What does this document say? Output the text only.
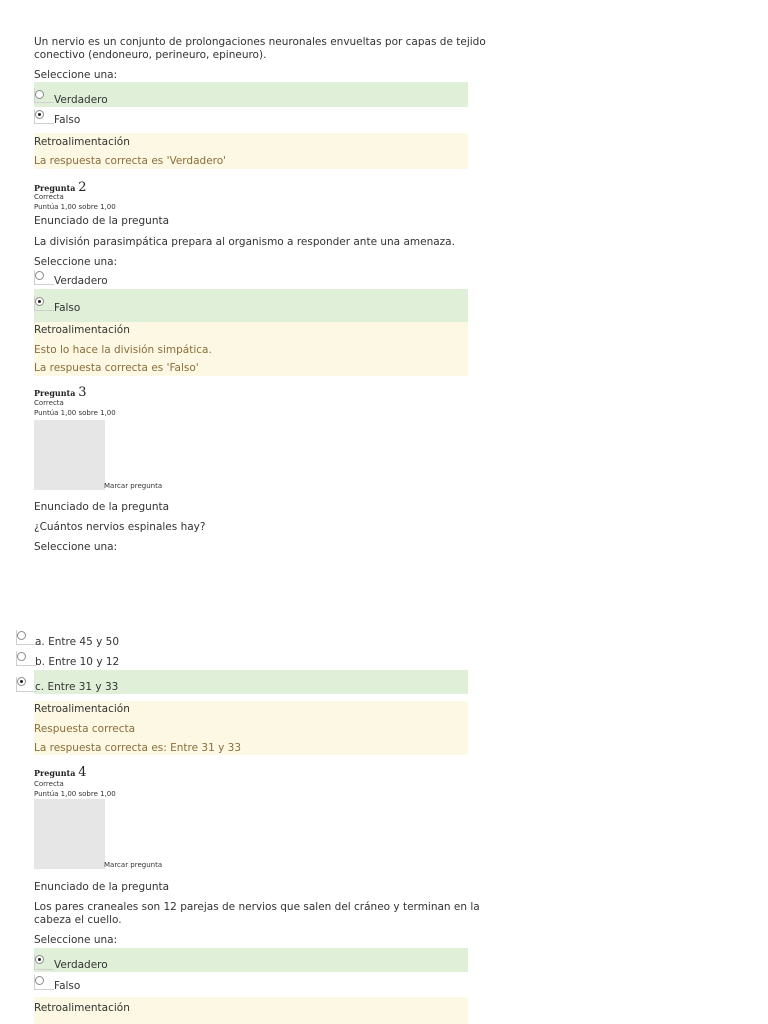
Un nervio es un conjunto de prolongaciones neuronales envueltas por capas de tejido
conectivo (endoneuro, perineuro, epineuro).
Seleccione una:
Verdadero
Falso
Retroalimentación
La respuesta correcta es 'Verdadero'
Pregunta 2
Correcta
Puntúa 1,00 sobre 1,00
Enunciado de la pregunta
La división parasimpática prepara al organismo a responder ante una amenaza.
Seleccione una:
Verdadero
Falso
Retroalimentación
Esto lo hace la división simpática.
La respuesta correcta es 'Falso'
Pregunta 3
Correcta
Puntúa 1,00 sobre 1,00
Marcar pregunta
Enunciado de la pregunta
¿Cuántos nervios espinales hay?
Seleccione una:
a. Entre 45 y 50
b. Entre 10 y 12
c. Entre 31 y 33
Retroalimentación
Respuesta correcta
La respuesta correcta es: Entre 31 y 33
Pregunta 4
Correcta
Puntúa 1,00 sobre 1,00
Marcar pregunta
Enunciado de la pregunta
Los pares craneales son 12 parejas de nervios que salen del cráneo y terminan en la
cabeza el cuello.
Seleccione una:
Verdadero
Falso
Retroalimentación
